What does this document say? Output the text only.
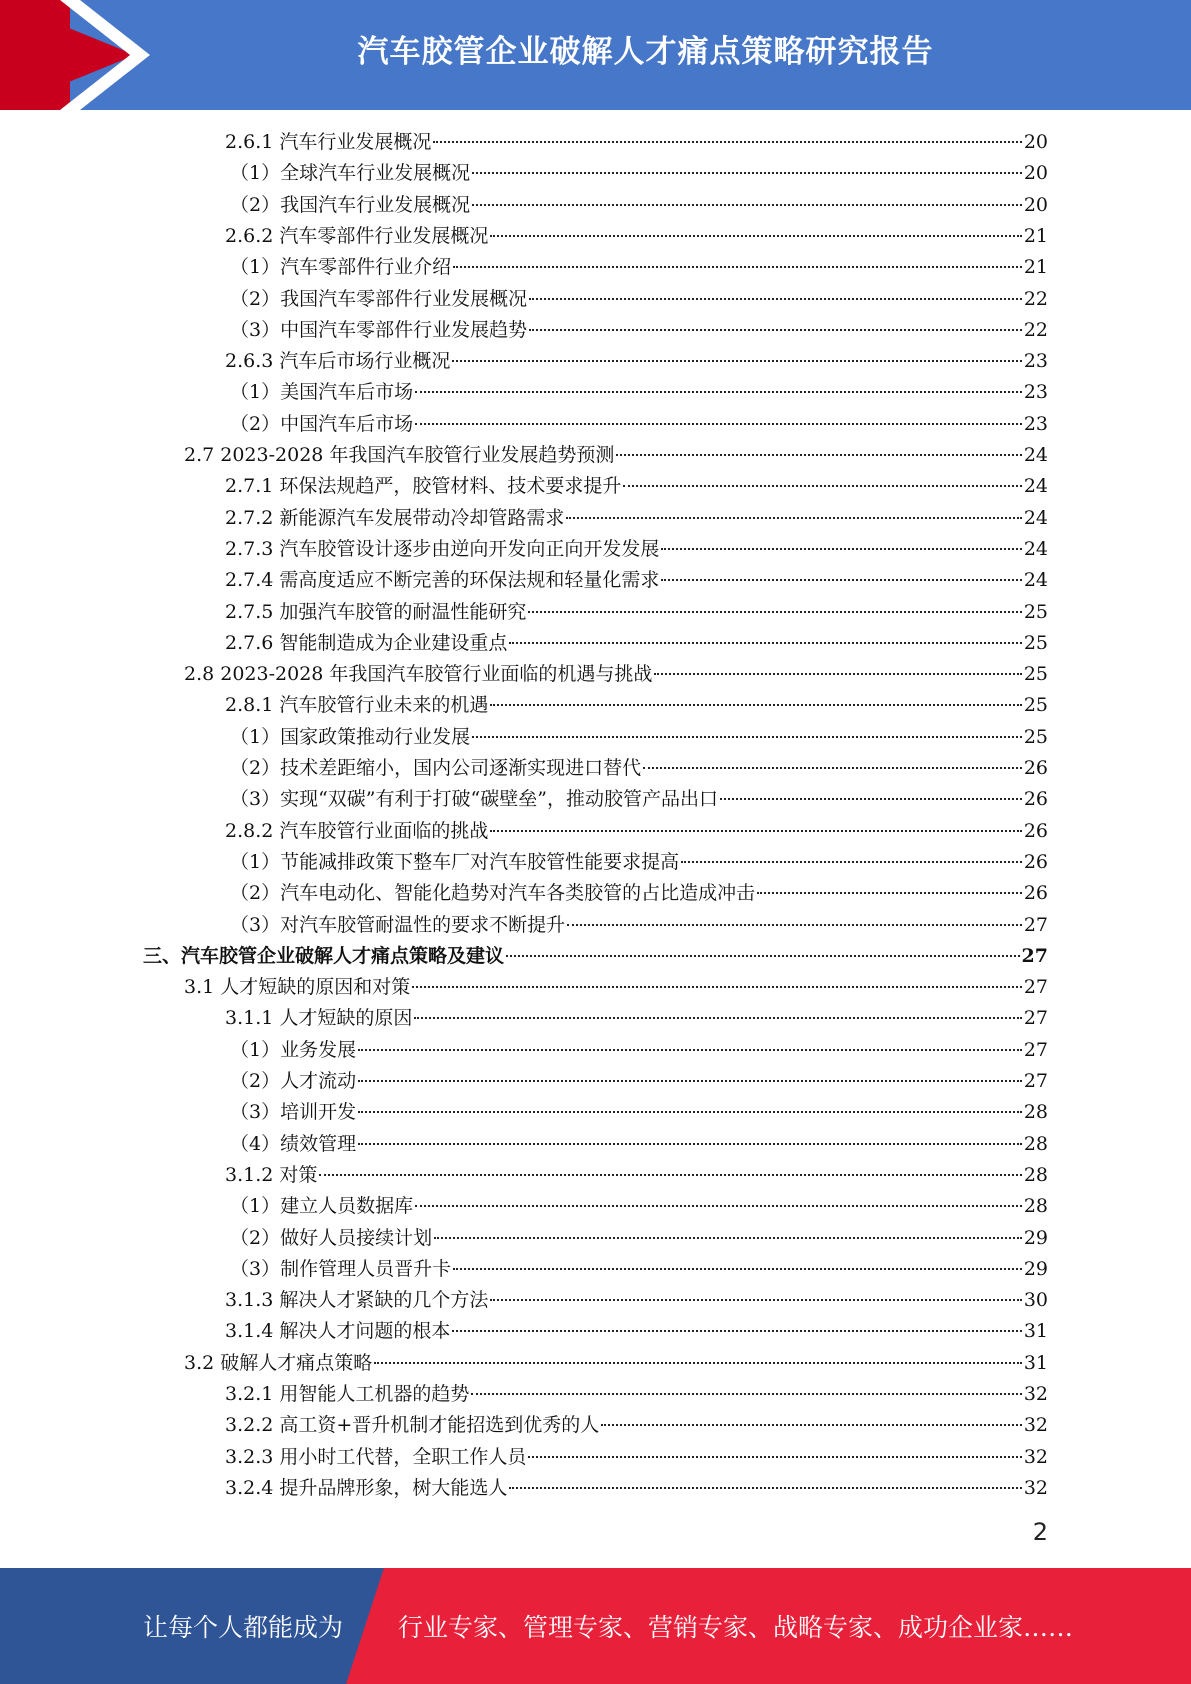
汽车胶管企业破解人才痛点策略研究报告
2.6.1 汽车行业发展概况	20
（1）全球汽车行业发展概况	20
（2）我国汽车行业发展概况	20
2.6.2 汽车零部件行业发展概况	21
（1）汽车零部件行业介绍	21
（2）我国汽车零部件行业发展概况	22
（3）中国汽车零部件行业发展趋势	22
2.6.3 汽车后市场行业概况	23
（1）美国汽车后市场	23
（2）中国汽车后市场	23
2.7 2023-2028 年我国汽车胶管行业发展趋势预测	24
2.7.1 环保法规趋严，胶管材料、技术要求提升	24
2.7.2 新能源汽车发展带动冷却管路需求	24
2.7.3 汽车胶管设计逐步由逆向开发向正向开发发展	24
2.7.4 需高度适应不断完善的环保法规和轻量化需求	24
2.7.5 加强汽车胶管的耐温性能研究	25
2.7.6 智能制造成为企业建设重点	25
2.8 2023-2028 年我国汽车胶管行业面临的机遇与挑战	25
2.8.1 汽车胶管行业未来的机遇	25
（1）国家政策推动行业发展	25
（2）技术差距缩小，国内公司逐渐实现进口替代	26
（3）实现“双碳”有利于打破“碳壁垒”，推动胶管产品出口	26
2.8.2 汽车胶管行业面临的挑战	26
（1）节能减排政策下整车厂对汽车胶管性能要求提高	26
（2）汽车电动化、智能化趋势对汽车各类胶管的占比造成冲击	26
（3）对汽车胶管耐温性的要求不断提升	27
三、汽车胶管企业破解人才痛点策略及建议	27
3.1 人才短缺的原因和对策	27
3.1.1 人才短缺的原因	27
（1）业务发展	27
（2）人才流动	27
（3）培训开发	28
（4）绩效管理	28
3.1.2 对策	28
（1）建立人员数据库	28
（2）做好人员接续计划	29
（3）制作管理人员晋升卡	29
3.1.3 解决人才紧缺的几个方法	30
3.1.4 解决人才问题的根本	31
3.2 破解人才痛点策略	31
3.2.1 用智能人工机器的趋势	32
3.2.2 高工资+晋升机制才能招选到优秀的人	32
3.2.3 用小时工代替，全职工作人员	32
3.2.4 提升品牌形象，树大能选人	32
2
让每个人都能成为 行业专家、管理专家、营销专家、战略专家、成功企业家……
